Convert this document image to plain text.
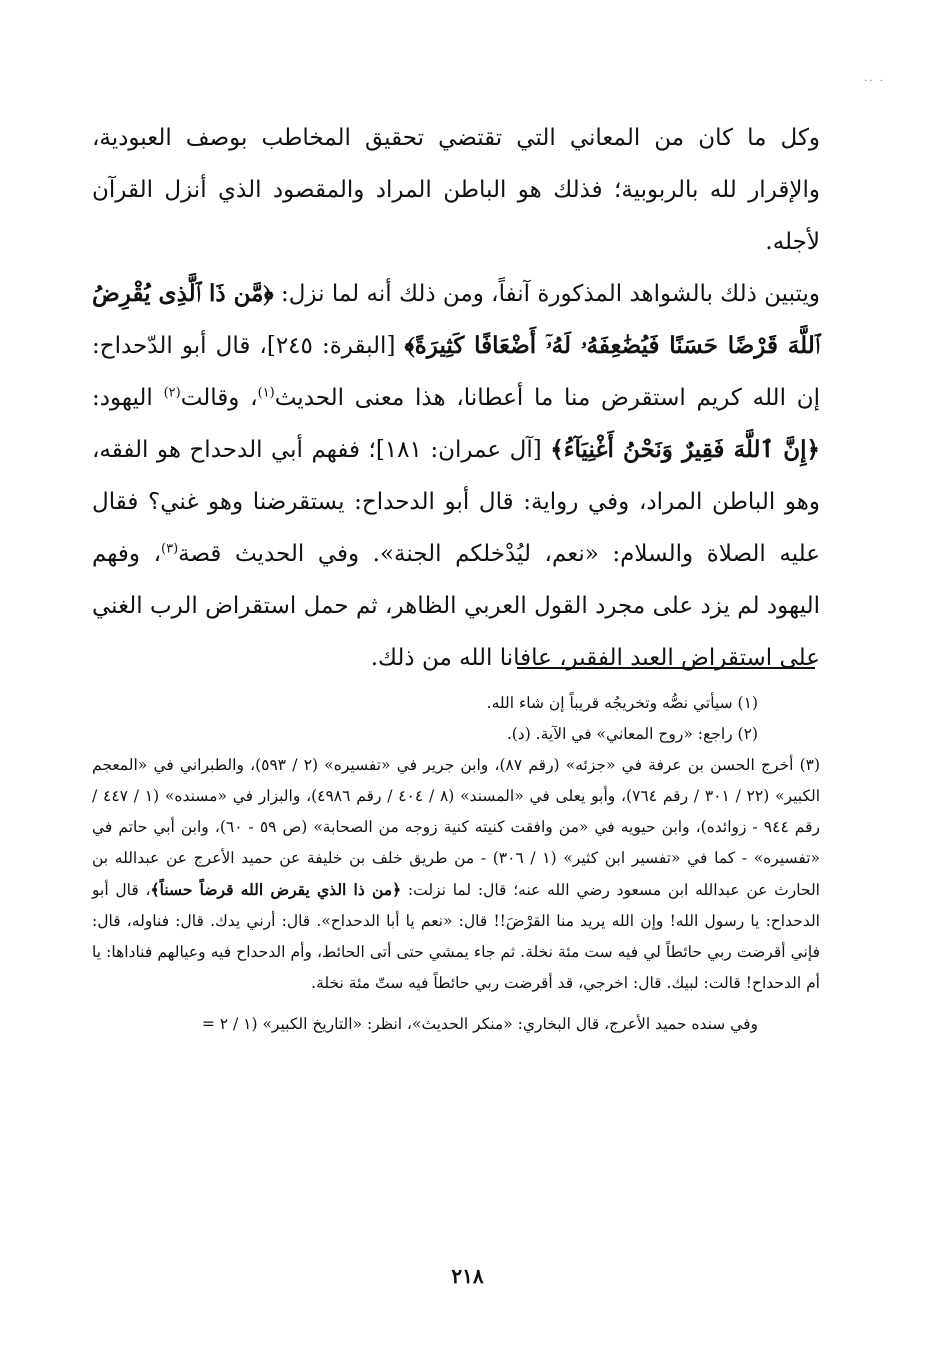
·· ·

وكل ما كان من المعاني التي تقتضي تحقيق المخاطب بوصف العبودية، والإقرار لله بالربوبية؛ فذلك هو الباطن المراد والمقصود الذي أنزل القرآن لأجله.

ويتبين ذلك بالشواهد المذكورة آنفاً، ومن ذلك أنه لما نزل: ﴿مَّن ذَا ٱلَّذِى يُقْرِضُ ٱللَّهَ قَرْضًا حَسَنًا فَيُضَٰعِفَهُۥ لَهُۥٓ أَضْعَافًا كَثِيرَةً﴾ [البقرة: ٢٤٥]، قال أبو الدّحداح: إن الله كريم استقرض منا ما أعطانا، هذا معنى الحديث$^{(١)}$، وقالت$^{(٢)}$ اليهود: ﴿إِنَّ ٱللَّهَ فَقِيرٌ وَنَحْنُ أَغْنِيَآءُ﴾ [آل عمران: ١٨١]؛ ففهم أبي الدحداح هو الفقه، وهو الباطن المراد، وفي رواية: قال أبو الدحداح: يستقرضنا وهو غني؟ فقال عليه الصلاة والسلام: «نعم، ليُدْخلكم الجنة». وفي الحديث قصة$^{(٣)}$، وفهم اليهود لم يزد على مجرد القول العربي الظاهر، ثم حمل استقراض الرب الغني على استقراض العبد الفقير، عافانا الله من ذلك.

(١) سيأتي نصُّه وتخريجُه قريباً إن شاء الله.

(٢) راجع: «روح المعاني» في الآية. (د).

(٣) أخرج الحسن بن عرفة في «جزئه» (رقم ٨٧)، وابن جرير في «تفسيره» (٢ / ٥٩٣)، والطبراني في «المعجم الكبير» (٢٢ / ٣٠١ / رقم ٧٦٤)، وأبو يعلى في «المسند» (٨ / ٤٠٤ / رقم ٤٩٨٦)، والبزار في «مسنده» (١ / ٤٤٧ / رقم ٩٤٤ - زوائده)، وابن حيويه في «من وافقت كنيته كنية زوجه من الصحابة» (ص ٥٩ - ٦٠)، وابن أبي حاتم في «تفسيره» - كما في «تفسير ابن كثير» (١ / ٣٠٦) - من طريق خلف بن خليفة عن حميد الأعرج عن عبدالله بن الحارث عن عبدالله ابن مسعود رضي الله عنه؛ قال: لما نزلت: ﴿من ذا الذي يقرض الله قرضاً حسناً﴾، قال أبو الدحداح: يا رسول الله! وإن الله يريد منا القرْضَ!! قال: «نعم يا أبا الدحداح». قال: أرني يدك. قال: فناوله، قال: فإني أقرضت ربي حائطاً لي فيه ست مئة نخلة. ثم جاء يمشي حتى أتى الحائط، وأم الدحداح فيه وعيالهم فناداها: يا أم الدحداح! قالت: لبيك. قال: اخرجي، قد أقرضت ربي حائطاً فيه ستّ مئة نخلة.

وفي سنده حميد الأعرج، قال البخاري: «منكر الحديث»، انظر: «التاريخ الكبير» (١ / ٢ =

٢١٨
